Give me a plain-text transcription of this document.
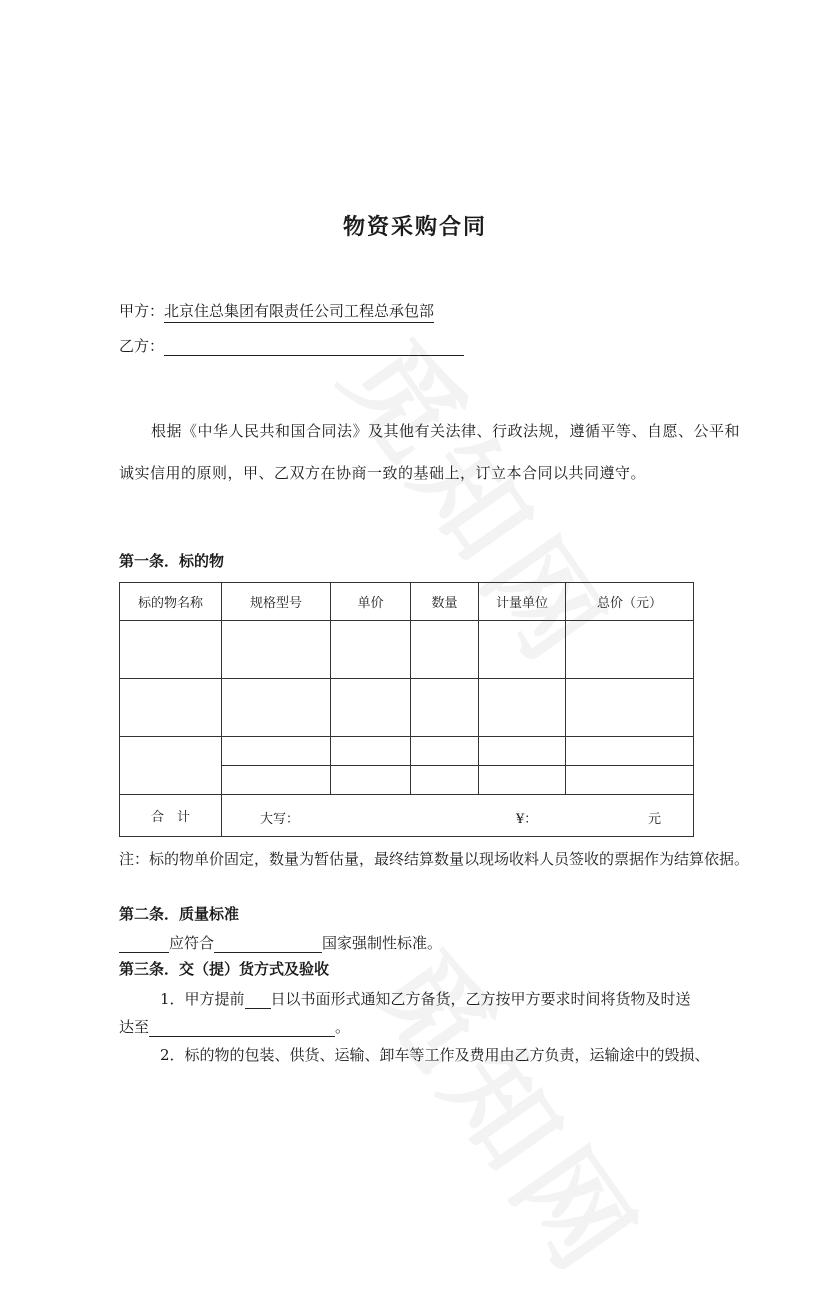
物资采购合同
甲方：北京住总集团有限责任公司工程总承包部
乙方：
根据《中华人民共和国合同法》及其他有关法律、行政法规，遵循平等、自愿、公平和诚实信用的原则，甲、乙双方在协商一致的基础上，订立本合同以共同遵守。
第一条．标的物
标的物名称	规格型号	单价	数量	计量单位	总价（元）

合　计	大写： ¥： 元				
注：标的物单价固定，数量为暂估量，最终结算数量以现场收料人员签收的票据作为结算依据。
第二条．质量标准
应符合	国家强制性标准。
第三条．交（提）货方式及验收
1．甲方提前 日以书面形式通知乙方备货，乙方按甲方要求时间将货物及时送
达至	。
2．标的物的包装、供货、运输、卸车等工作及费用由乙方负责，运输途中的毁损、
